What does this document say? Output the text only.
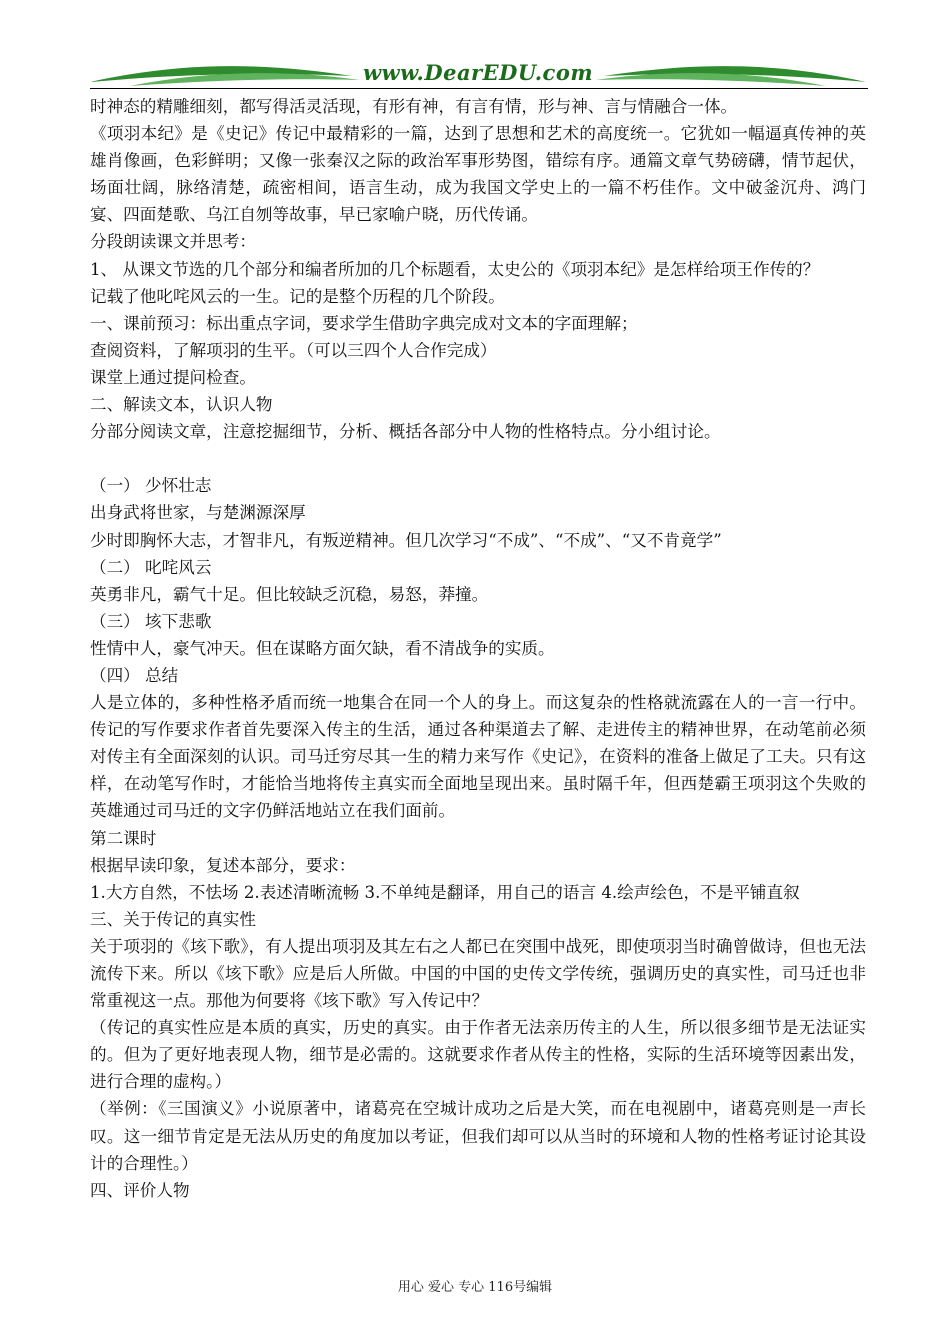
www.DearEDU.com

时神态的精雕细刻，都写得活灵活现，有形有神，有言有情，形与神、言与情融合一体。

《项羽本纪》是《史记》传记中最精彩的一篇，达到了思想和艺术的高度统一。它犹如一幅逼真传神的英雄肖像画，色彩鲜明；又像一张秦汉之际的政治军事形势图，错综有序。通篇文章气势磅礴，情节起伏，场面壮阔，脉络清楚，疏密相间，语言生动，成为我国文学史上的一篇不朽佳作。文中破釜沉舟、鸿门宴、四面楚歌、乌江自刎等故事，早已家喻户晓，历代传诵。

分段朗读课文并思考：

1、 从课文节选的几个部分和编者所加的几个标题看，太史公的《项羽本纪》是怎样给项王作传的？

记载了他叱咤风云的一生。记的是整个历程的几个阶段。

一、课前预习：标出重点字词，要求学生借助字典完成对文本的字面理解；

查阅资料，了解项羽的生平。（可以三四个人合作完成）

课堂上通过提问检查。

二、解读文本，认识人物

分部分阅读文章，注意挖掘细节，分析、概括各部分中人物的性格特点。分小组讨论。

（一） 少怀壮志

出身武将世家，与楚渊源深厚

少时即胸怀大志，才智非凡，有叛逆精神。但几次学习“不成”、“不成”、“又不肯竟学”

（二） 叱咤风云

英勇非凡，霸气十足。但比较缺乏沉稳，易怒，莽撞。

（三） 垓下悲歌

性情中人，豪气冲天。但在谋略方面欠缺，看不清战争的实质。

（四） 总结

人是立体的，多种性格矛盾而统一地集合在同一个人的身上。而这复杂的性格就流露在人的一言一行中。传记的写作要求作者首先要深入传主的生活，通过各种渠道去了解、走进传主的精神世界，在动笔前必须对传主有全面深刻的认识。司马迁穷尽其一生的精力来写作《史记》，在资料的准备上做足了工夫。只有这样，在动笔写作时，才能恰当地将传主真实而全面地呈现出来。虽时隔千年，但西楚霸王项羽这个失败的英雄通过司马迁的文字仍鲜活地站立在我们面前。

第二课时

根据早读印象，复述本部分，要求：

1.大方自然，不怯场 2.表述清晰流畅 3.不单纯是翻译，用自己的语言 4.绘声绘色，不是平铺直叙

三、关于传记的真实性

关于项羽的《垓下歌》，有人提出项羽及其左右之人都已在突围中战死，即使项羽当时确曾做诗，但也无法流传下来。所以《垓下歌》应是后人所做。中国的中国的史传文学传统，强调历史的真实性，司马迁也非常重视这一点。那他为何要将《垓下歌》写入传记中？

（传记的真实性应是本质的真实，历史的真实。由于作者无法亲历传主的人生，所以很多细节是无法证实的。但为了更好地表现人物，细节是必需的。这就要求作者从传主的性格，实际的生活环境等因素出发，进行合理的虚构。）

（举例：《三国演义》小说原著中，诸葛亮在空城计成功之后是大笑，而在电视剧中，诸葛亮则是一声长叹。这一细节肯定是无法从历史的角度加以考证，但我们却可以从当时的环境和人物的性格考证讨论其设计的合理性。）

四、评价人物

用心 爱心 专心 116号编辑
